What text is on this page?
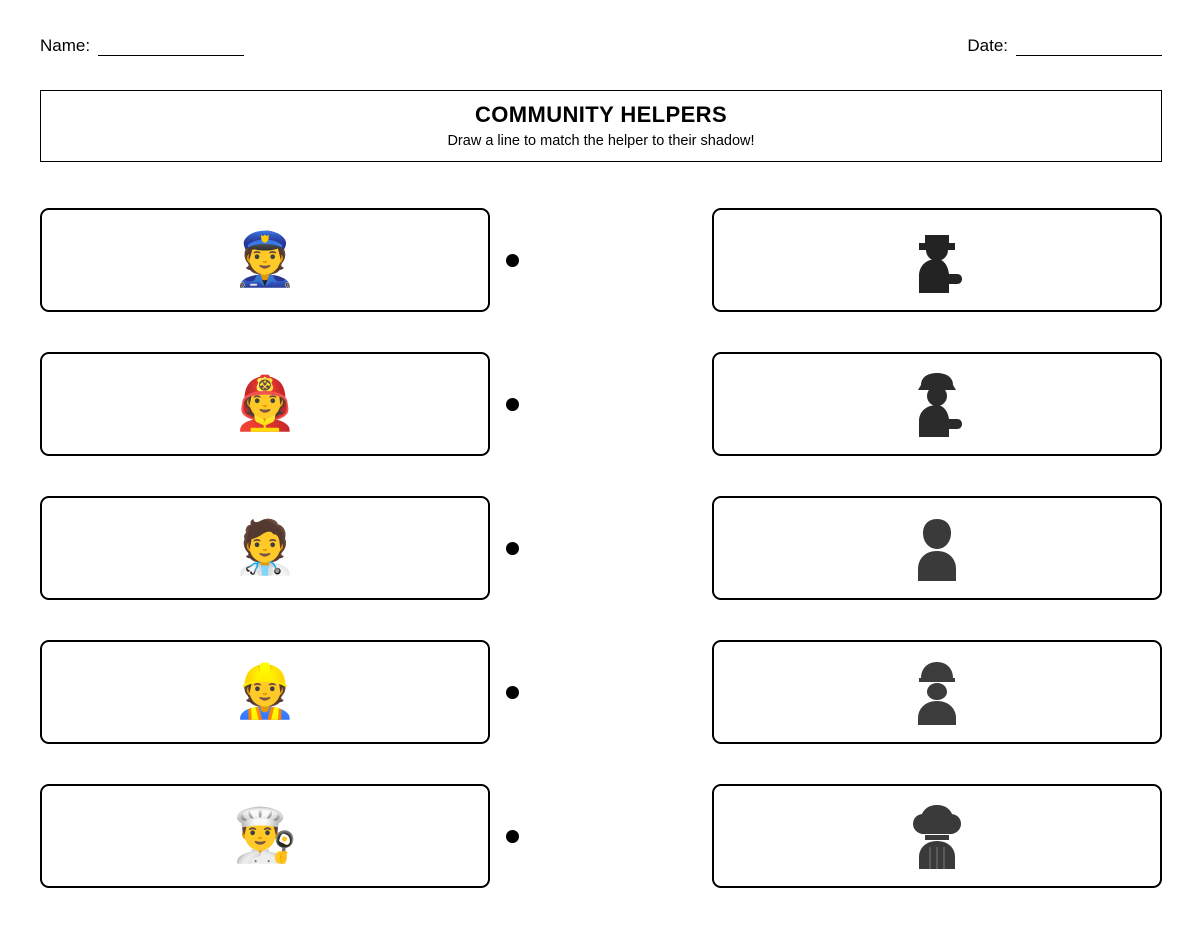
Name:	Date:
COMMUNITY HELPERS
Draw a line to match the helper to their shadow!
👮
🧑‍🚒
🧑‍⚕️
👷
👨‍🍳
